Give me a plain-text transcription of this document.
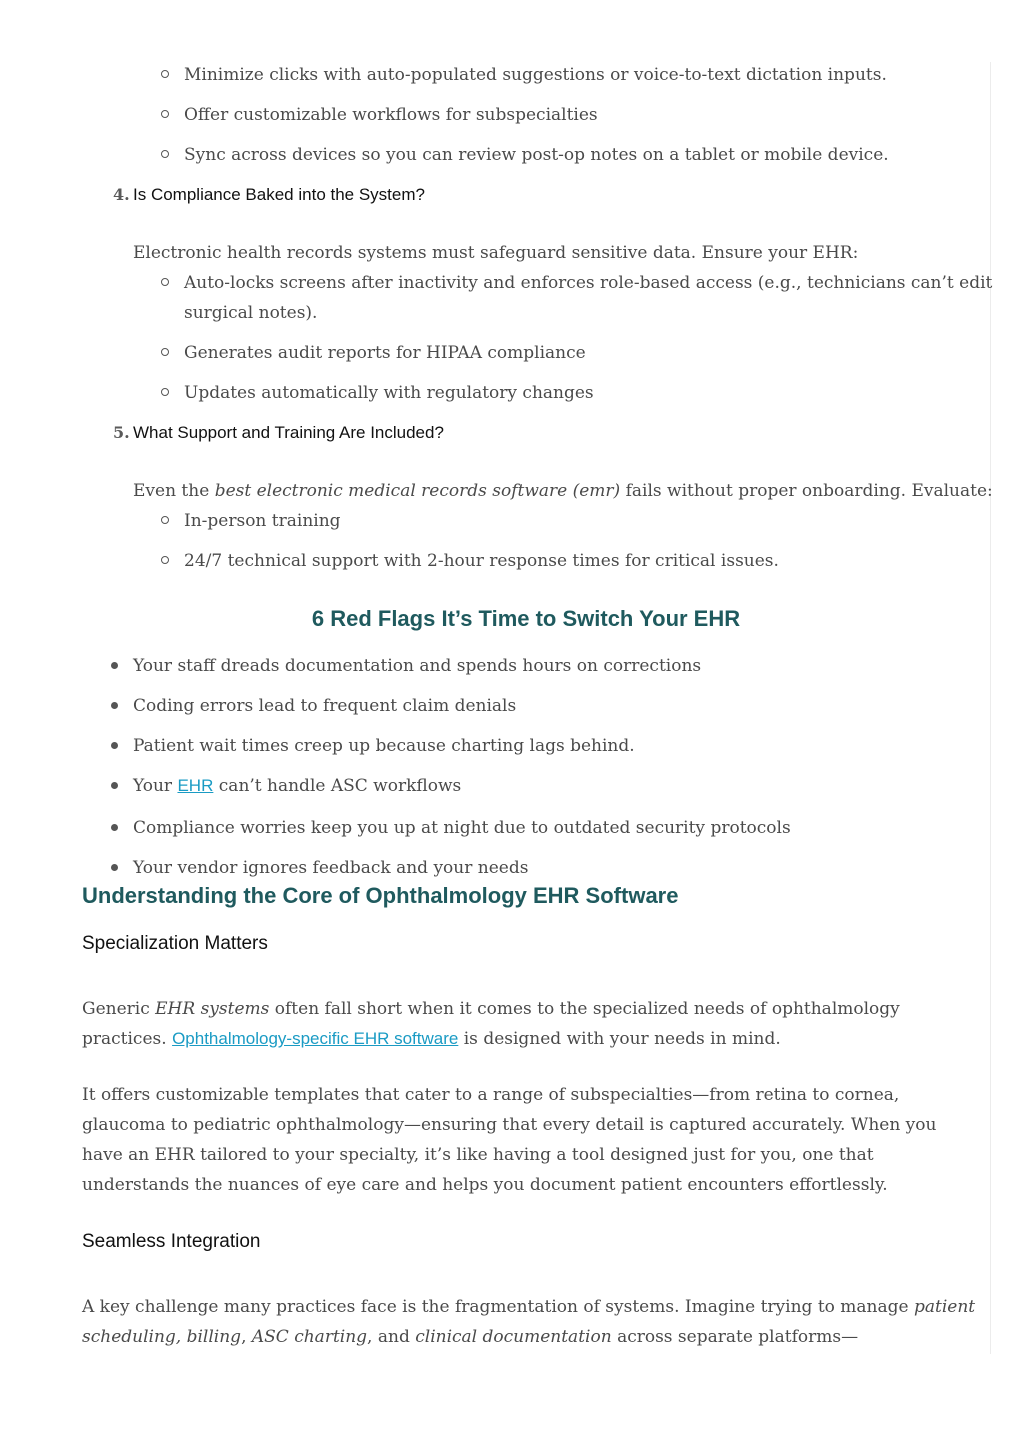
Minimize clicks with auto-populated suggestions or voice-to-text dictation inputs.
Offer customizable workflows for subspecialties
Sync across devices so you can review post-op notes on a tablet or mobile device.
4. Is Compliance Baked into the System?
Electronic health records systems must safeguard sensitive data. Ensure your EHR:
Auto-locks screens after inactivity and enforces role-based access (e.g., technicians can’t edit
surgical notes).
Generates audit reports for HIPAA compliance
Updates automatically with regulatory changes
5. What Support and Training Are Included?
Even the best electronic medical records software (emr) fails without proper onboarding. Evaluate:
In-person training
24/7 technical support with 2-hour response times for critical issues.
6 Red Flags It’s Time to Switch Your EHR
Your staff dreads documentation and spends hours on corrections
Coding errors lead to frequent claim denials
Patient wait times creep up because charting lags behind.
Your EHR can’t handle ASC workflows
Compliance worries keep you up at night due to outdated security protocols
Your vendor ignores feedback and your needs
Understanding the Core of Ophthalmology EHR Software
Specialization Matters
Generic EHR systems often fall short when it comes to the specialized needs of ophthalmology
practices. Ophthalmology-specific EHR software is designed with your needs in mind.
It offers customizable templates that cater to a range of subspecialties—from retina to cornea,
glaucoma to pediatric ophthalmology—ensuring that every detail is captured accurately. When you
have an EHR tailored to your specialty, it’s like having a tool designed just for you, one that
understands the nuances of eye care and helps you document patient encounters effortlessly.
Seamless Integration
A key challenge many practices face is the fragmentation of systems. Imagine trying to manage patient
scheduling, billing, ASC charting, and clinical documentation across separate platforms—
